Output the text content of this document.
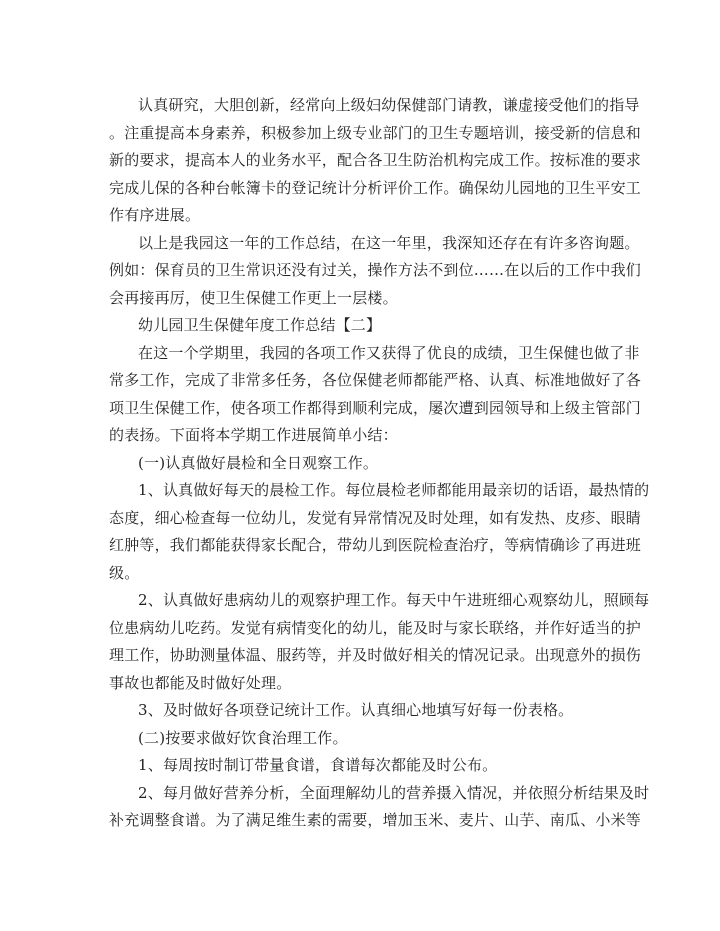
认真研究，大胆创新，经常向上级妇幼保健部门请教，谦虚接受他们的指导
。注重提高本身素养，积极参加上级专业部门的卫生专题培训，接受新的信息和
新的要求，提高本人的业务水平，配合各卫生防治机构完成工作。按标准的要求
完成儿保的各种台帐簿卡的登记统计分析评价工作。确保幼儿园地的卫生平安工
作有序进展。
以上是我园这一年的工作总结，在这一年里，我深知还存在有许多咨询题。
例如：保育员的卫生常识还没有过关，操作方法不到位……在以后的工作中我们
会再接再厉，使卫生保健工作更上一层楼。
幼儿园卫生保健年度工作总结【二】
在这一个学期里，我园的各项工作又获得了优良的成绩，卫生保健也做了非
常多工作，完成了非常多任务，各位保健老师都能严格、认真、标准地做好了各
项卫生保健工作，使各项工作都得到顺利完成，屡次遭到园领导和上级主管部门
的表扬。下面将本学期工作进展简单小结：
(一)认真做好晨检和全日观察工作。
1、认真做好每天的晨检工作。每位晨检老师都能用最亲切的话语，最热情的
态度，细心检查每一位幼儿，发觉有异常情况及时处理，如有发热、皮疹、眼睛
红肿等，我们都能获得家长配合，带幼儿到医院检查治疗，等病情确诊了再进班
级。
2、认真做好患病幼儿的观察护理工作。每天中午进班细心观察幼儿，照顾每
位患病幼儿吃药。发觉有病情变化的幼儿，能及时与家长联络，并作好适当的护
理工作，协助测量体温、服药等，并及时做好相关的情况记录。出现意外的损伤
事故也都能及时做好处理。
3、及时做好各项登记统计工作。认真细心地填写好每一份表格。
(二)按要求做好饮食治理工作。
1、每周按时制订带量食谱，食谱每次都能及时公布。
2、每月做好营养分析，全面理解幼儿的营养摄入情况，并依照分析结果及时
补充调整食谱。为了满足维生素的需要，增加玉米、麦片、山芋、南瓜、小米等
